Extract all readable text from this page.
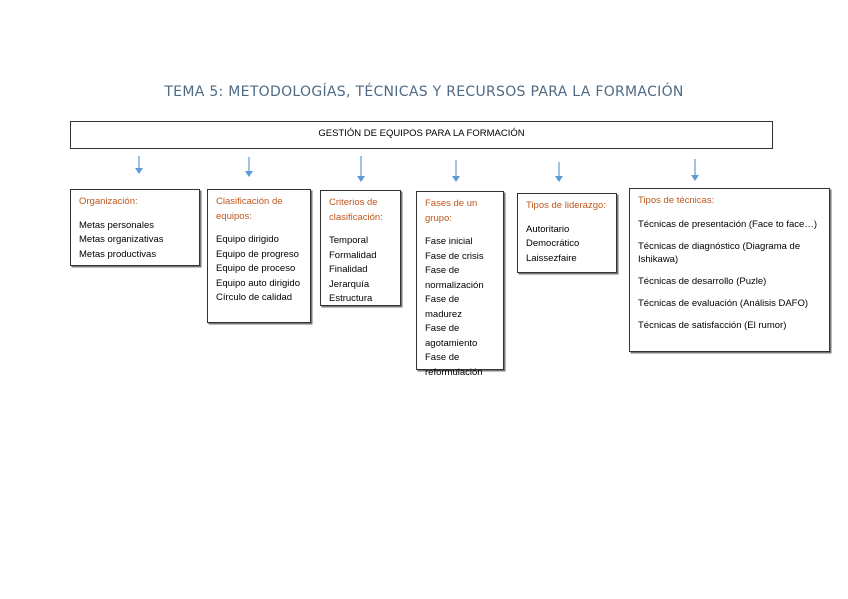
TEMA 5: METODOLOGÍAS, TÉCNICAS Y RECURSOS PARA LA FORMACIÓN
GESTIÓN DE EQUIPOS PARA LA FORMACIÓN
Organización:
Metas personales
Metas organizativas
Metas productivas
Clasificación de equipos:
Equipo dirigido
Equipo de progreso
Equipo de proceso
Equipo auto dirigido
Círculo de calidad
Criterios de clasificación:
Temporal
Formalidad
Finalidad
Jerarquía
Estructura
Fases de un grupo:
Fase inicial
Fase de crisis
Fase de normalización
Fase de madurez
Fase de agotamiento
Fase de reformulación
Tipos de liderazgo:
Autoritario
Democrático
Laissezfaire
Tipos de técnicas:
Técnicas de presentación (Face to face…)
Técnicas de diagnóstico (Diagrama de Ishikawa)
Técnicas de desarrollo (Puzle)
Técnicas de evaluación (Análisis DAFO)
Técnicas de satisfacción (El rumor)
